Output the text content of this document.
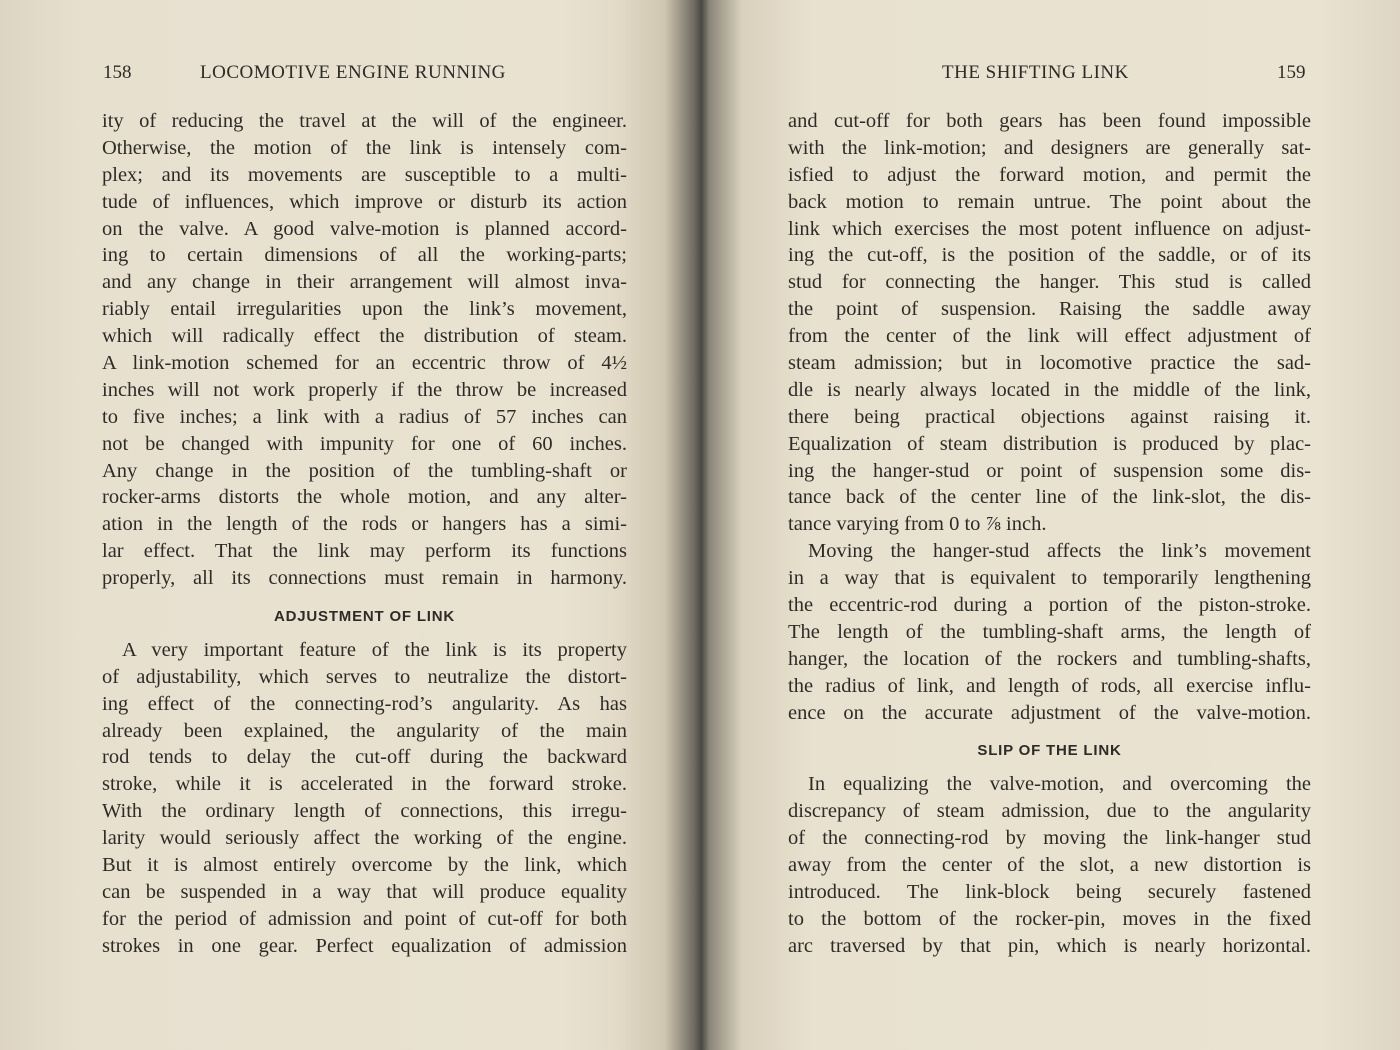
158	LOCOMOTIVE ENGINE RUNNING
ity of reducing the travel at the will of the engineer.
Otherwise, the motion of the link is intensely com-
plex; and its movements are susceptible to a multi-
tude of influences, which improve or disturb its action
on the valve. A good valve-motion is planned accord-
ing to certain dimensions of all the working-parts;
and any change in their arrangement will almost inva-
riably entail irregularities upon the link’s movement,
which will radically effect the distribution of steam.
A link-motion schemed for an eccentric throw of 4½
inches will not work properly if the throw be increased
to five inches; a link with a radius of 57 inches can
not be changed with impunity for one of 60 inches.
Any change in the position of the tumbling-shaft or
rocker-arms distorts the whole motion, and any alter-
ation in the length of the rods or hangers has a simi-
lar effect. That the link may perform its functions
properly, all its connections must remain in harmony.
ADJUSTMENT OF LINK
A very important feature of the link is its property
of adjustability, which serves to neutralize the distort-
ing effect of the connecting-rod’s angularity. As has
already been explained, the angularity of the main
rod tends to delay the cut-off during the backward
stroke, while it is accelerated in the forward stroke.
With the ordinary length of connections, this irregu-
larity would seriously affect the working of the engine.
But it is almost entirely overcome by the link, which
can be suspended in a way that will produce equality
for the period of admission and point of cut-off for both
strokes in one gear. Perfect equalization of admission
THE SHIFTING LINK	159
and cut-off for both gears has been found impossible
with the link-motion; and designers are generally sat-
isfied to adjust the forward motion, and permit the
back motion to remain untrue. The point about the
link which exercises the most potent influence on adjust-
ing the cut-off, is the position of the saddle, or of its
stud for connecting the hanger. This stud is called
the point of suspension. Raising the saddle away
from the center of the link will effect adjustment of
steam admission; but in locomotive practice the sad-
dle is nearly always located in the middle of the link,
there being practical objections against raising it.
Equalization of steam distribution is produced by plac-
ing the hanger-stud or point of suspension some dis-
tance back of the center line of the link-slot, the dis-
tance varying from 0 to ⅞ inch.
Moving the hanger-stud affects the link’s movement
in a way that is equivalent to temporarily lengthening
the eccentric-rod during a portion of the piston-stroke.
The length of the tumbling-shaft arms, the length of
hanger, the location of the rockers and tumbling-shafts,
the radius of link, and length of rods, all exercise influ-
ence on the accurate adjustment of the valve-motion.
SLIP OF THE LINK
In equalizing the valve-motion, and overcoming the
discrepancy of steam admission, due to the angularity
of the connecting-rod by moving the link-hanger stud
away from the center of the slot, a new distortion is
introduced. The link-block being securely fastened
to the bottom of the rocker-pin, moves in the fixed
arc traversed by that pin, which is nearly horizontal.
